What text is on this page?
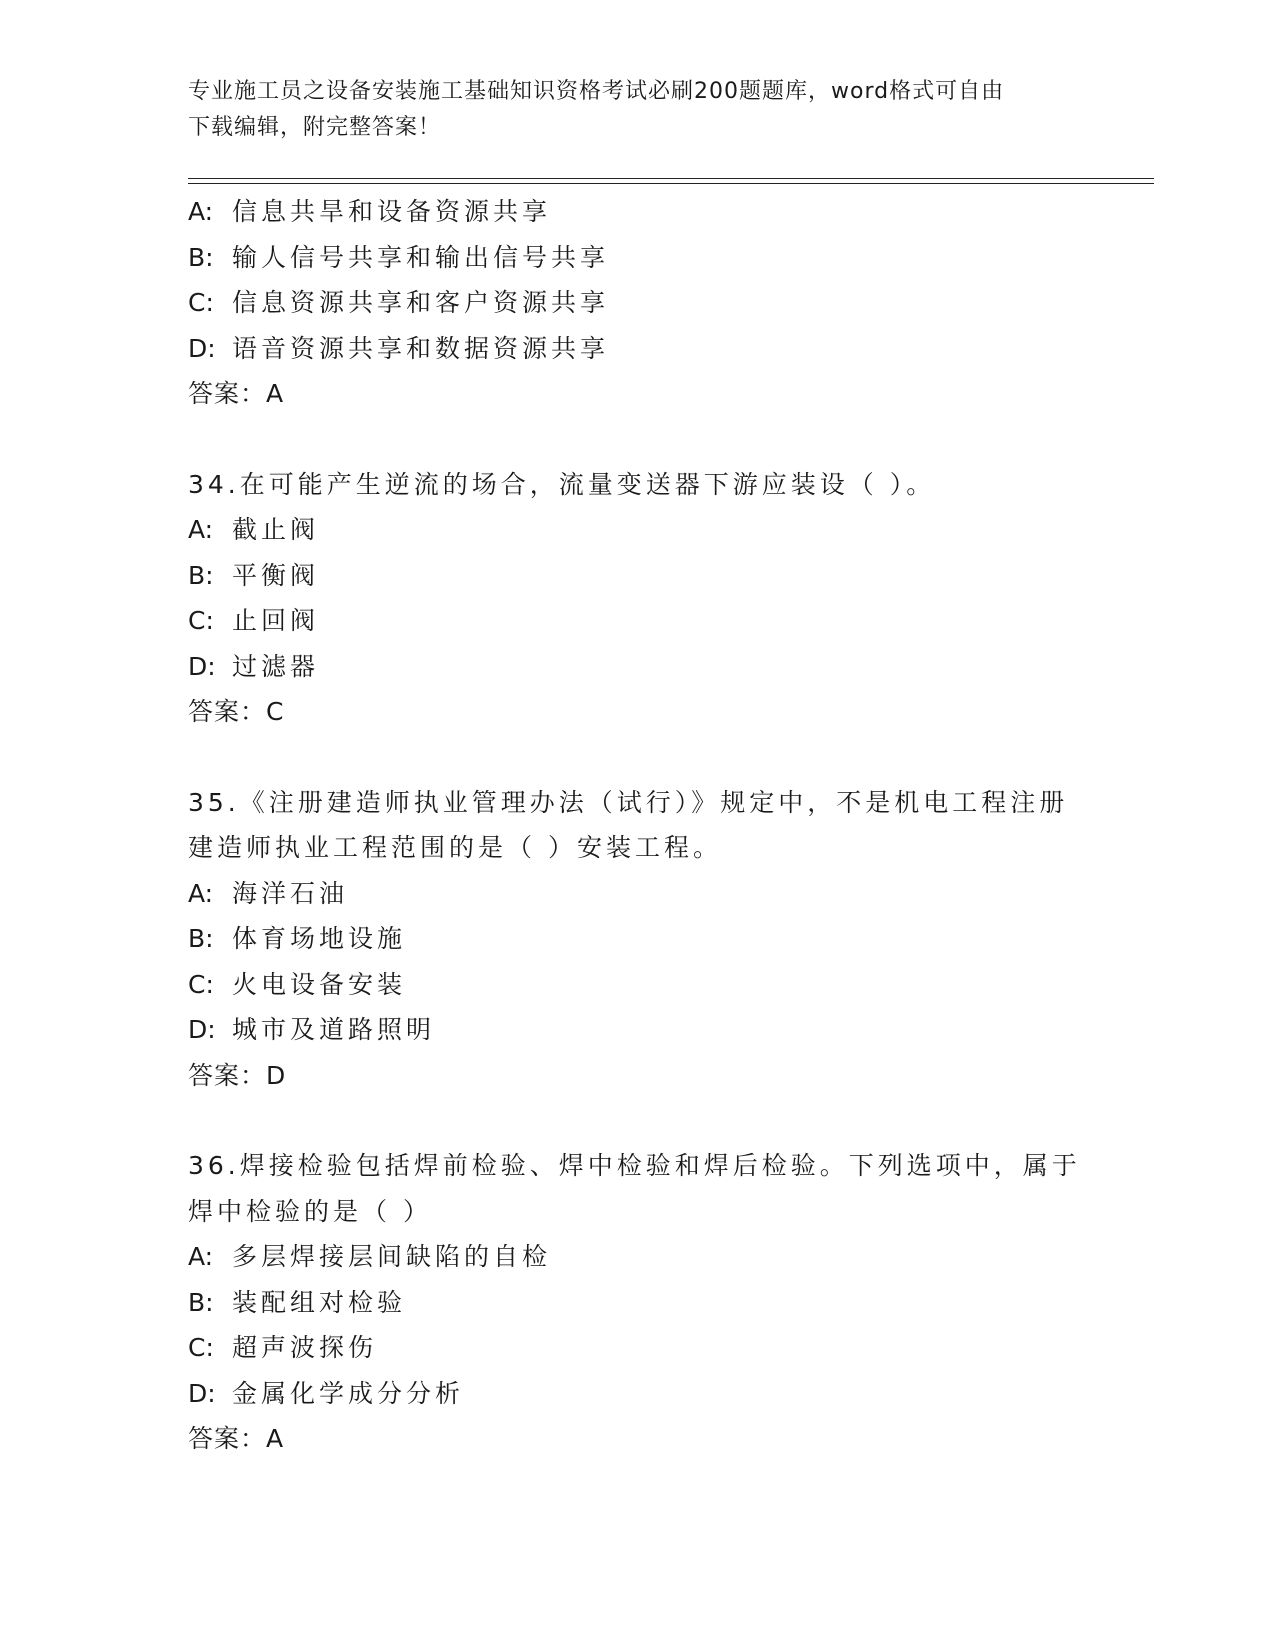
专业施工员之设备安装施工基础知识资格考试必刷200题题库，word格式可自由
下载编辑，附完整答案！

A: 信息共旱和设备资源共享

B: 输人信号共享和输出信号共享

C: 信息资源共享和客户资源共享

D: 语音资源共享和数据资源共享

答案：A

34.在可能产生逆流的场合，流量变送器下游应装设（ ）。

A: 截止阀

B: 平衡阀

C: 止回阀

D: 过滤器

答案：C

35.《注册建造师执业管理办法（试行）》规定中，不是机电工程注册

建造师执业工程范围的是（ ）安装工程。

A: 海洋石油

B: 体育场地设施

C: 火电设备安装

D: 城市及道路照明

答案：D

36.焊接检验包括焊前检验、焊中检验和焊后检验。下列选项中，属于

焊中检验的是（ ）

A: 多层焊接层间缺陷的自检

B: 装配组对检验

C: 超声波探伤

D: 金属化学成分分析

答案：A
